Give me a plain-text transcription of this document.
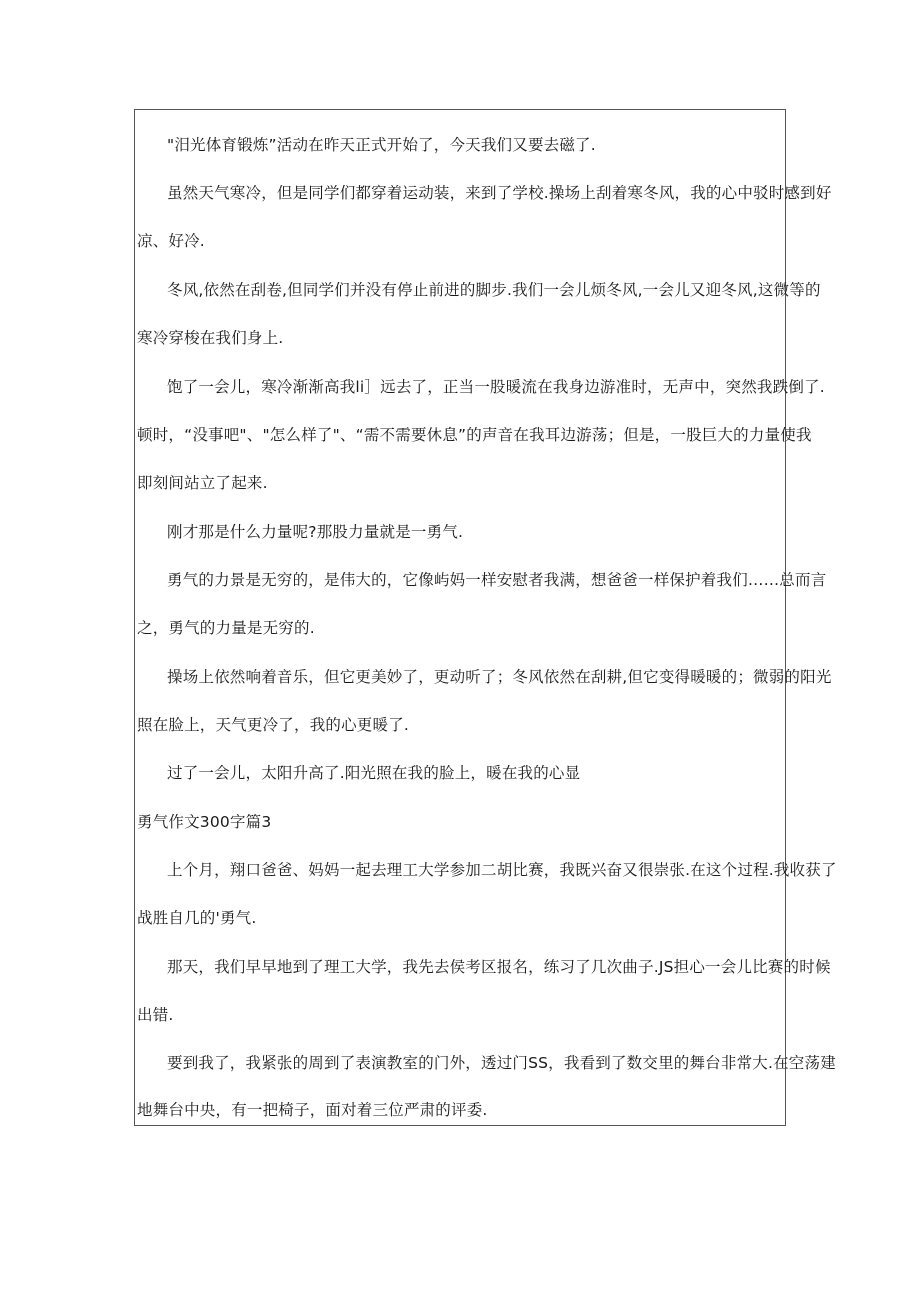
"汨光体育锻炼”活动在昨天正式开始了，今天我们又要去磁了.
虽然天气寒冷，但是同学们都穿着运动装，来到了学校.操场上刮着寒冬风，我的心中驳时感到好
凉、好冷.
冬风,依然在刮卷,但同学们并没有停止前进的脚步.我们一会儿烦冬风,一会儿又迎冬风,这微等的
寒冷穿梭在我们身上.
饱了一会儿，寒冷渐渐高我li］远去了，正当一股暖流在我身边游准时，无声中，突然我跌倒了.
顿时，“没事吧"、"怎么样了"、“需不需要休息”的声音在我耳边游荡；但是，一股巨大的力量使我
即刻间站立了起来.
刚才那是什么力量呢?那股力量就是一勇气.
勇气的力景是无穷的，是伟大的，它像屿妈一样安慰者我满，想爸爸一样保护着我们……总而言
之，勇气的力量是无穷的.
操场上依然响着音乐，但它更美妙了，更动听了；冬风依然在刮耕,但它变得暖暖的；微弱的阳光
照在脸上，天气更冷了，我的心更暖了.
过了一会儿，太阳升高了.阳光照在我的脸上，暖在我的心显
勇气作文300字篇3
上个月，翔口爸爸、妈妈一起去理工大学参加二胡比赛，我既兴奋又很崇张.在这个过程.我收获了
战胜自几的'勇气.
那天，我们早早地到了理工大学，我先去侯考区报名，练习了几次曲子.JS担心一会儿比赛的时候
出错.
要到我了，我紧张的周到了表演教室的门外，透过门SS，我看到了数交里的舞台非常大.在空荡建
地舞台中央，有一把椅子，面对着三位严肃的评委.
